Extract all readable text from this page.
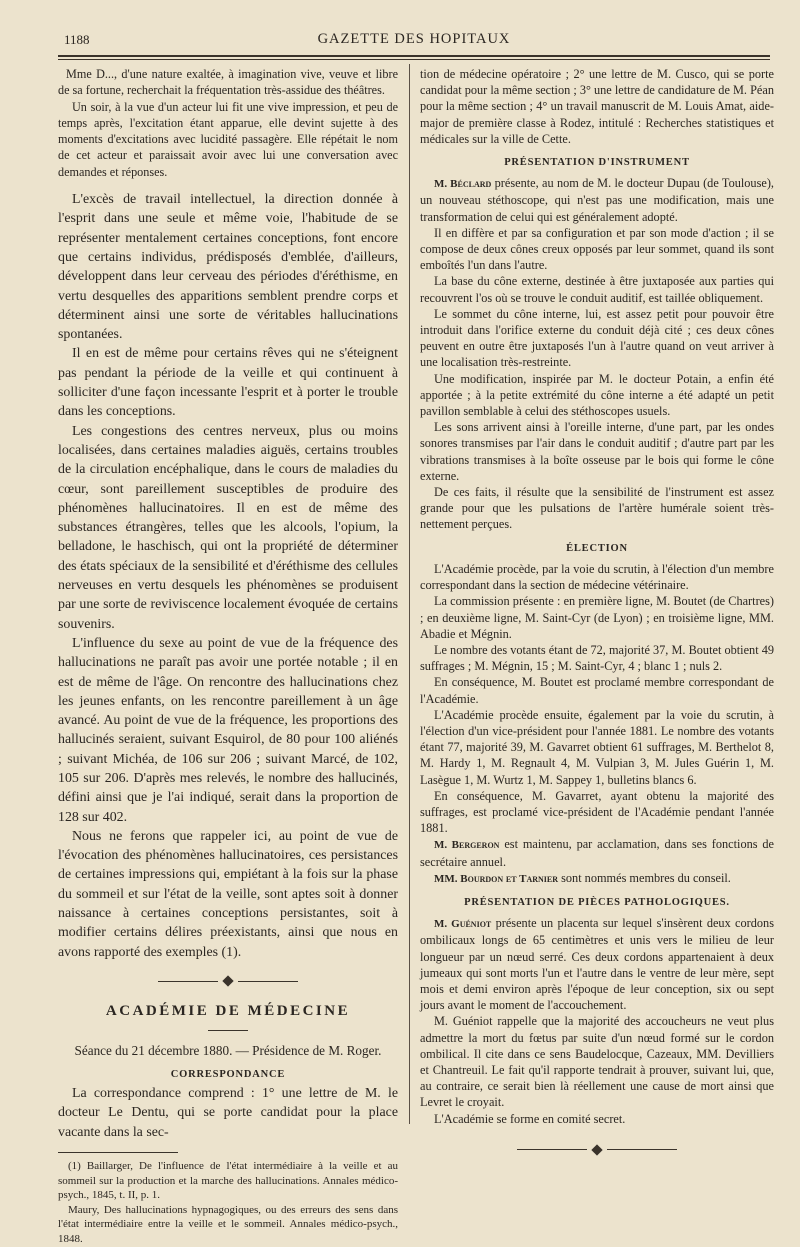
1188	GAZETTE DES HOPITAUX

Mme D..., d'une nature exaltée, à imagination vive, veuve et libre de sa fortune, recherchait la fréquentation très-assidue des théâtres.

Un soir, à la vue d'un acteur lui fit une vive impression, et peu de temps après, l'excitation étant apparue, elle devint sujette à des moments d'excitations avec lucidité passagère. Elle répétait le nom de cet acteur et paraissait avoir avec lui une conversation avec demandes et réponses.

L'excès de travail intellectuel, la direction donnée à l'esprit dans une seule et même voie, l'habitude de se représenter mentalement certaines conceptions, font encore que certains individus, prédisposés d'emblée, d'ailleurs, développent dans leur cerveau des périodes d'éréthisme, en vertu desquelles des apparitions semblent prendre corps et déterminent ainsi une sorte de véritables hallucinations spontanées.

Il en est de même pour certains rêves qui ne s'éteignent pas pendant la période de la veille et qui continuent à solliciter d'une façon incessante l'esprit et à porter le trouble dans les conceptions.

Les congestions des centres nerveux, plus ou moins localisées, dans certaines maladies aiguës, certains troubles de la circulation encéphalique, dans le cours de maladies du cœur, sont pareillement susceptibles de produire des phénomènes hallucinatoires. Il en est de même des substances étrangères, telles que les alcools, l'opium, la belladone, le haschisch, qui ont la propriété de déterminer des états spéciaux de la sensibilité et d'éréthisme des cellules nerveuses en vertu desquels les phénomènes se produisent par une sorte de reviviscence localement évoquée de certains souvenirs.

L'influence du sexe au point de vue de la fréquence des hallucinations ne paraît pas avoir une portée notable ; il en est de même de l'âge. On rencontre des hallucinations chez les jeunes enfants, on les rencontre pareillement à un âge avancé. Au point de vue de la fréquence, les proportions des hallucinés seraient, suivant Esquirol, de 80 pour 100 aliénés ; suivant Michéa, de 106 sur 206 ; suivant Marcé, de 102, 105 sur 206. D'après mes relevés, le nombre des hallucinés, défini ainsi que je l'ai indiqué, serait dans la proportion de 128 sur 402.

Nous ne ferons que rappeler ici, au point de vue de l'évocation des phénomènes hallucinatoires, ces persistances de certaines impressions qui, empiétant à la fois sur la phase du sommeil et sur l'état de la veille, sont aptes soit à donner naissance à certaines conceptions persistantes, soit à modifier certains délires préexistants, ainsi que nous en avons rapporté des exemples (1).

ACADÉMIE DE MÉDECINE
Séance du 21 décembre 1880. — Présidence de M. Roger.
CORRESPONDANCE

La correspondance comprend : 1° une lettre de M. le docteur Le Dentu, qui se porte candidat pour la place vacante dans la sec-

(1) Baillarger, De l'influence de l'état intermédiaire à la veille et au sommeil sur la production et la marche des hallucinations. Annales médico-psych., 1845, t. II, p. 1.

Maury, Des hallucinations hypnagogiques, ou des erreurs des sens dans l'état intermédiaire entre la veille et le sommeil. Annales médico-psych., 1848.

tion de médecine opératoire ; 2° une lettre de M. Cusco, qui se porte candidat pour la même section ; 3° une lettre de candidature de M. Péan pour la même section ; 4° un travail manuscrit de M. Louis Amat, aide-major de première classe à Rodez, intitulé : Recherches statistiques et médicales sur la ville de Cette.

PRÉSENTATION D'INSTRUMENT

M. Béclard présente, au nom de M. le docteur Dupau (de Toulouse), un nouveau stéthoscope, qui n'est pas une modification, mais une transformation de celui qui est généralement adopté.

Il en diffère et par sa configuration et par son mode d'action ; il se compose de deux cônes creux opposés par leur sommet, quand ils sont emboîtés l'un dans l'autre.

La base du cône externe, destinée à être juxtaposée aux parties qui recouvrent l'os où se trouve le conduit auditif, est taillée obliquement.

Le sommet du cône interne, lui, est assez petit pour pouvoir être introduit dans l'orifice externe du conduit déjà cité ; ces deux cônes peuvent en outre être juxtaposés l'un à l'autre quand on veut arriver à une localisation très-restreinte.

Une modification, inspirée par M. le docteur Potain, a enfin été apportée ; à la petite extrémité du cône interne a été adapté un petit pavillon semblable à celui des stéthoscopes usuels.

Les sons arrivent ainsi à l'oreille interne, d'une part, par les ondes sonores transmises par l'air dans le conduit auditif ; d'autre part par les vibrations transmises à la boîte osseuse par le bois qui forme le cône externe.

De ces faits, il résulte que la sensibilité de l'instrument est assez grande pour que les pulsations de l'artère humérale soient très-nettement perçues.

ÉLECTION

L'Académie procède, par la voie du scrutin, à l'élection d'un membre correspondant dans la section de médecine vétérinaire.

La commission présente : en première ligne, M. Boutet (de Chartres) ; en deuxième ligne, M. Saint-Cyr (de Lyon) ; en troisième ligne, MM. Abadie et Mégnin.

Le nombre des votants étant de 72, majorité 37, M. Boutet obtient 49 suffrages ; M. Mégnin, 15 ; M. Saint-Cyr, 4 ; blanc 1 ; nuls 2.

En conséquence, M. Boutet est proclamé membre correspondant de l'Académie.

L'Académie procède ensuite, également par la voie du scrutin, à l'élection d'un vice-président pour l'année 1881. Le nombre des votants étant 77, majorité 39, M. Gavarret obtient 61 suffrages, M. Berthelot 8, M. Hardy 1, M. Regnault 4, M. Vulpian 3, M. Jules Guérin 1, M. Lasègue 1, M. Wurtz 1, M. Sappey 1, bulletins blancs 6.

En conséquence, M. Gavarret, ayant obtenu la majorité des suffrages, est proclamé vice-président de l'Académie pendant l'année 1881.

M. Bergeron est maintenu, par acclamation, dans ses fonctions de secrétaire annuel.

MM. Bourdon et Tarnier sont nommés membres du conseil.

PRÉSENTATION DE PIÈCES PATHOLOGIQUES.

M. Guéniot présente un placenta sur lequel s'insèrent deux cordons ombilicaux longs de 65 centimètres et unis vers le milieu de leur longueur par un nœud serré. Ces deux cordons appartenaient à deux jumeaux qui sont morts l'un et l'autre dans le ventre de leur mère, sept mois et demi environ après l'époque de leur conception, six ou sept jours avant le moment de l'accouchement.

M. Guéniot rappelle que la majorité des accoucheurs ne veut plus admettre la mort du fœtus par suite d'un nœud formé sur le cordon ombilical. Il cite dans ce sens Baudelocque, Cazeaux, MM. Devilliers et Chantreuil. Le fait qu'il rapporte tendrait à prouver, suivant lui, que, au contraire, ce serait bien là réellement une cause de mort ainsi que Levret le croyait.

L'Académie se forme en comité secret.
